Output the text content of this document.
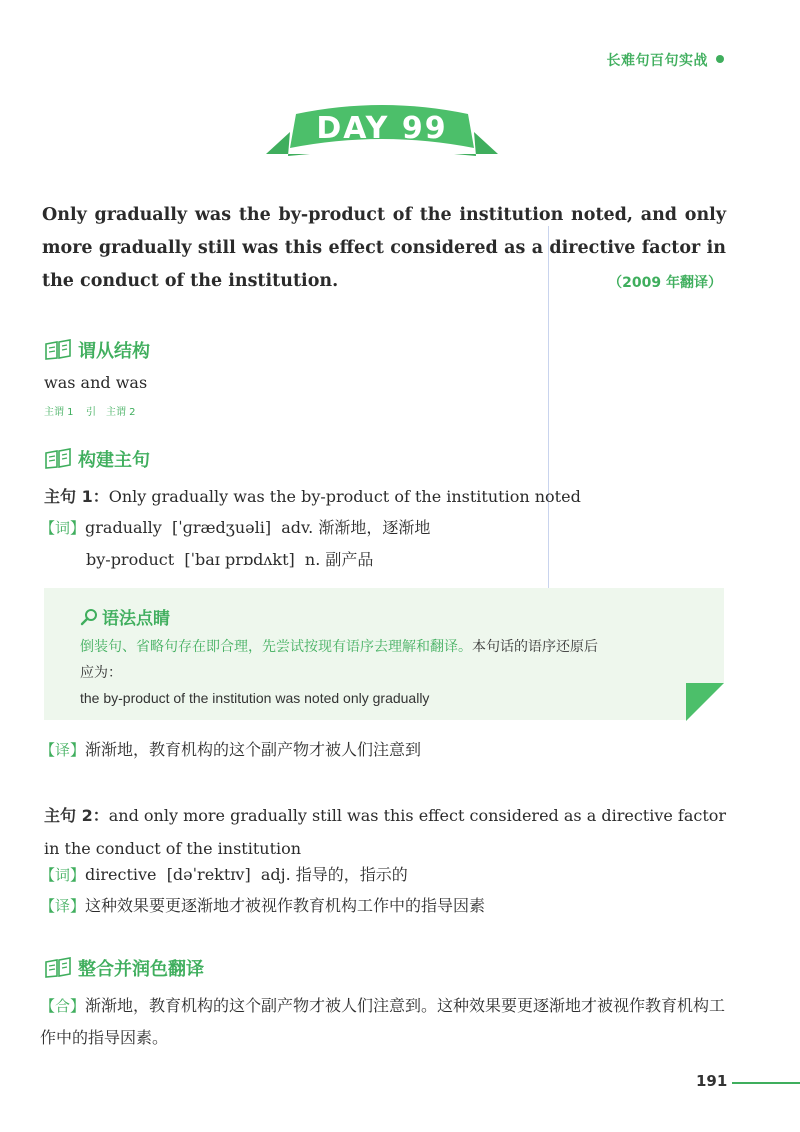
长难句百句实战
DAY 99
Only gradually was the by-product of the institution noted, and only more gradually still was this effect considered as a directive factor in the conduct of the institution.	（2009 年翻译）
谓从结构
was and was
主谓 1 引 主谓 2
构建主句
主句 1：Only gradually was the by-product of the institution noted
【词】gradually [ˈɡrædʒuəli] adv. 渐渐地，逐渐地
by-product [ˈbaɪ prɒdʌkt] n. 副产品
语法点睛
倒装句、省略句存在即合理，先尝试按现有语序去理解和翻译。本句话的语序还原后
应为：
the by-product of the institution was noted only gradually
【译】渐渐地，教育机构的这个副产物才被人们注意到
主句 2：and only more gradually still was this effect considered as a directive factor in the conduct of the institution
【词】directive [dəˈrektɪv] adj. 指导的，指示的
【译】这种效果要更逐渐地才被视作教育机构工作中的指导因素
整合并润色翻译
【合】渐渐地，教育机构的这个副产物才被人们注意到。这种效果要更逐渐地才被视作教育机构工作中的指导因素。
191
